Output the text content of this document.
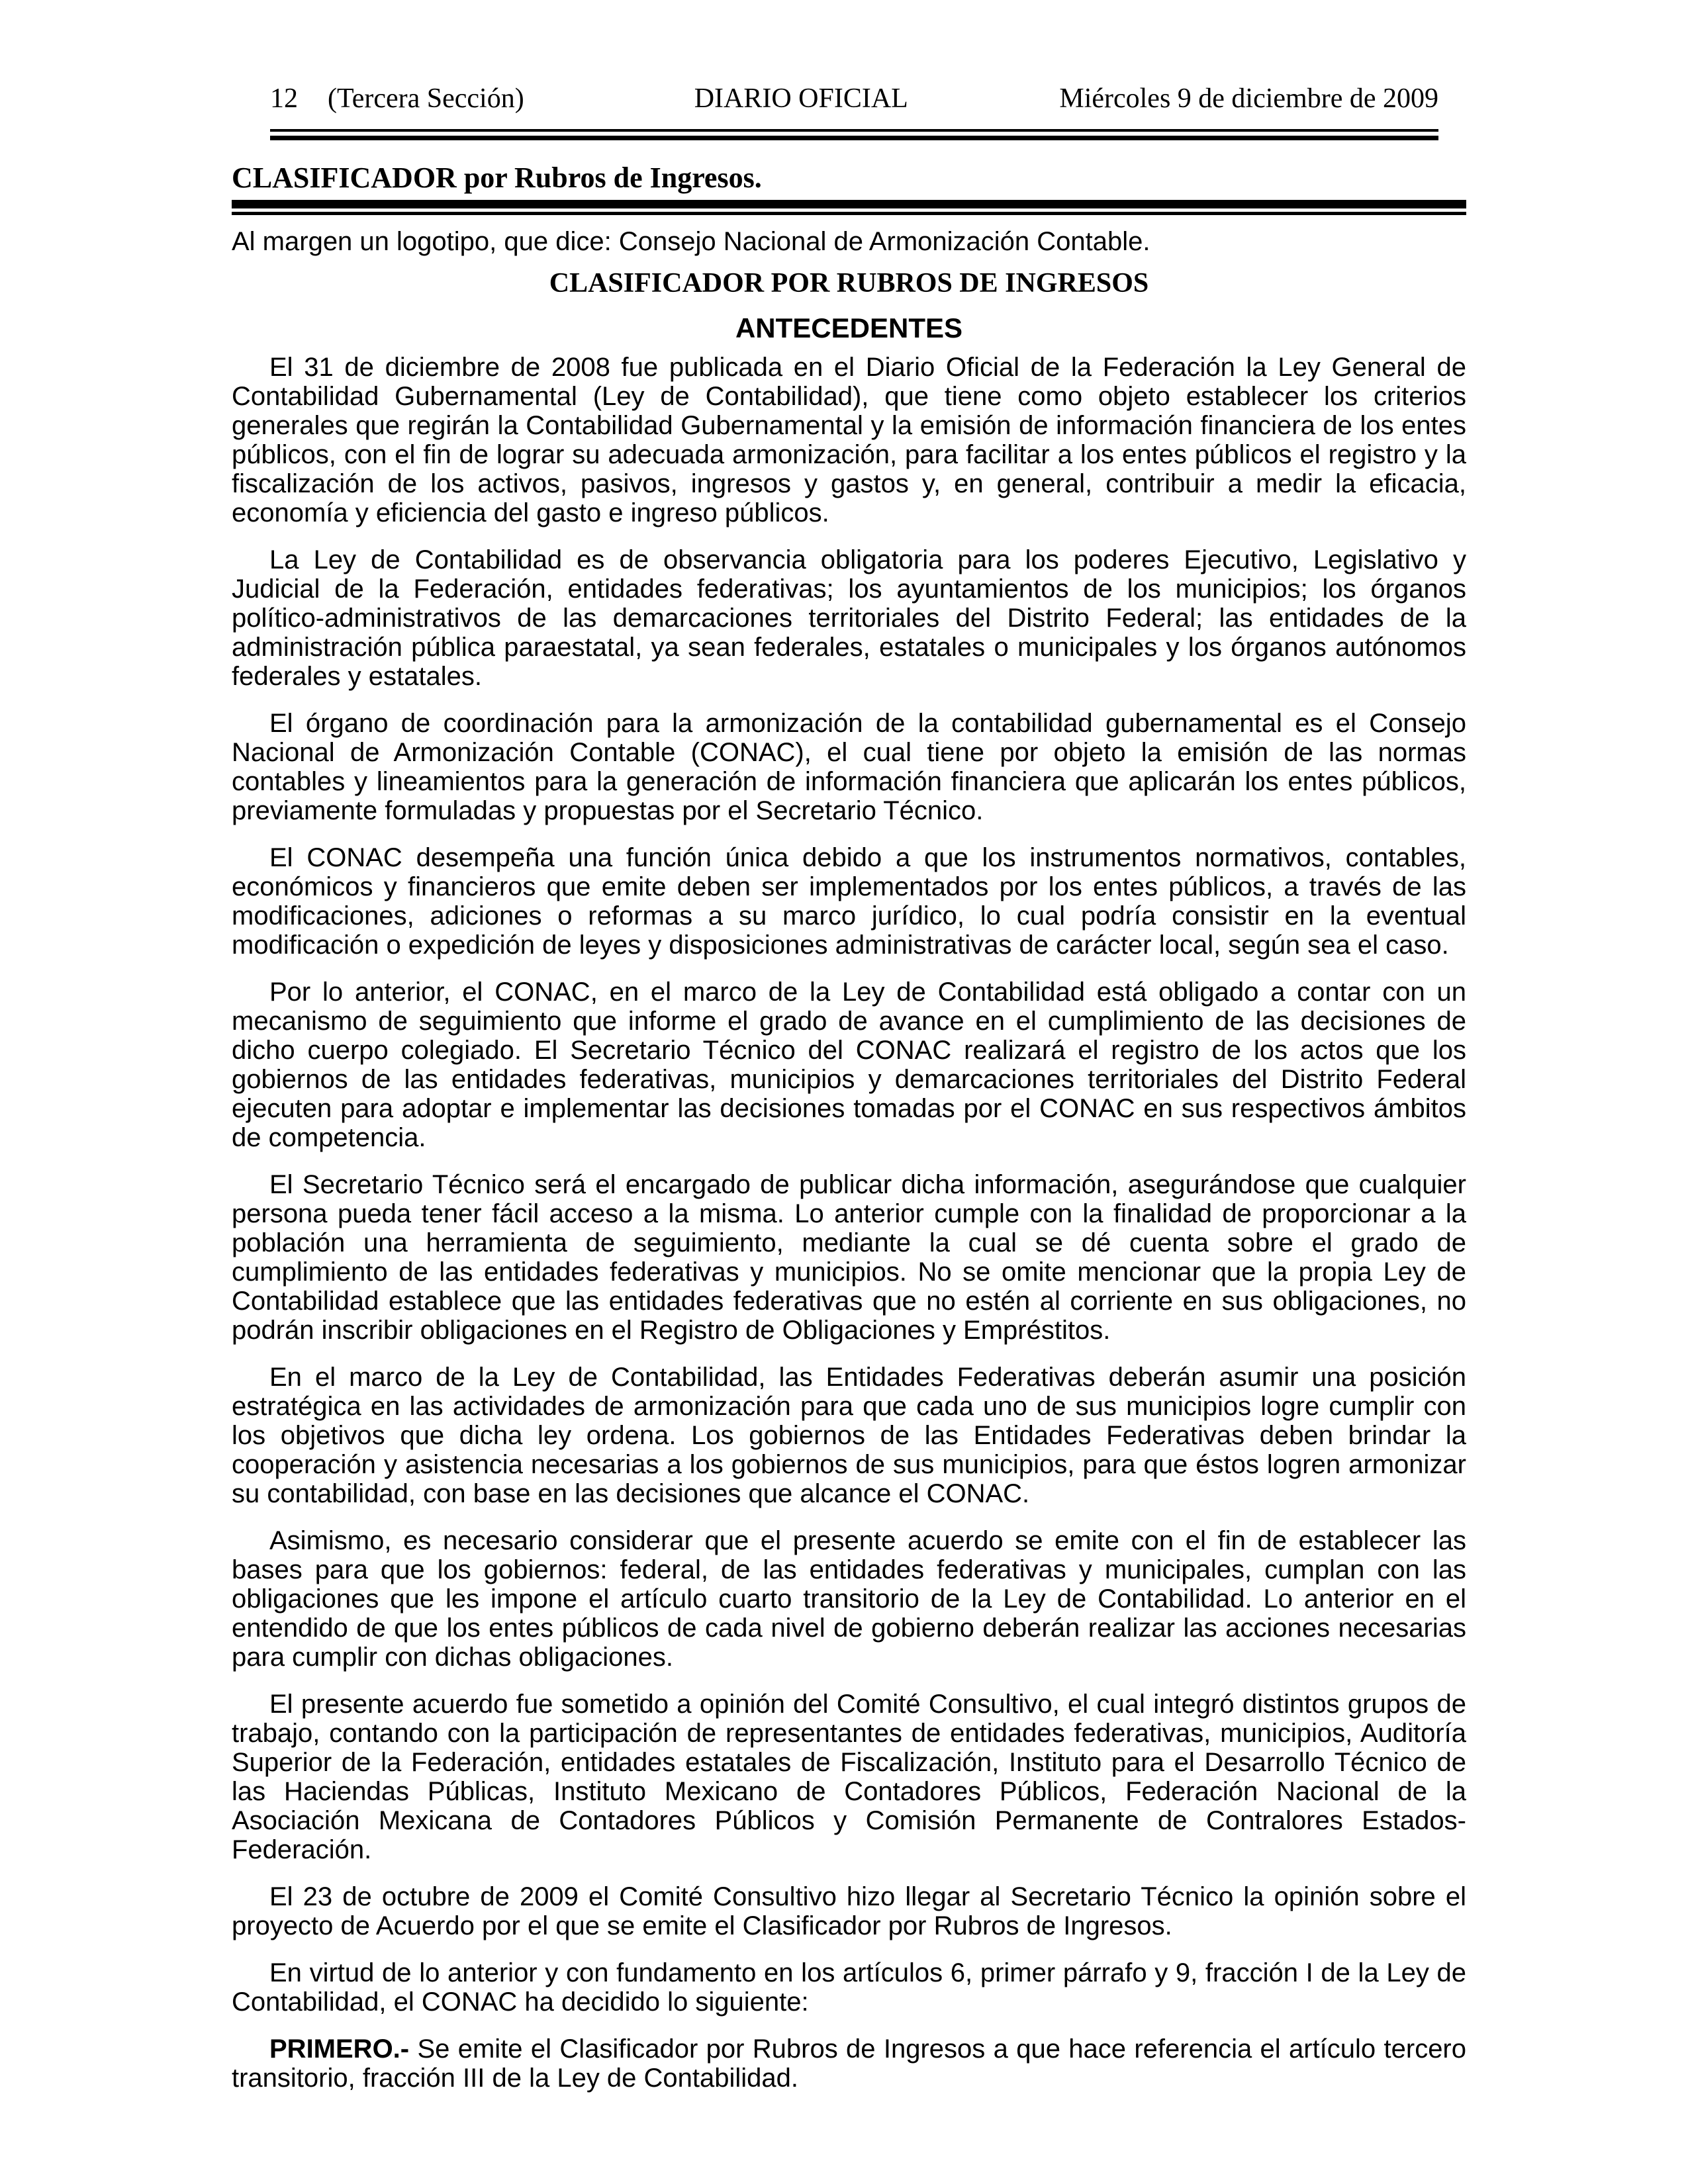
12 (Tercera Sección)	DIARIO OFICIAL	Miércoles 9 de diciembre de 2009
CLASIFICADOR por Rubros de Ingresos.
Al margen un logotipo, que dice: Consejo Nacional de Armonización Contable.
CLASIFICADOR POR RUBROS DE INGRESOS
ANTECEDENTES

El 31 de diciembre de 2008 fue publicada en el Diario Oficial de la Federación la Ley General de Contabilidad Gubernamental (Ley de Contabilidad), que tiene como objeto establecer los criterios generales que regirán la Contabilidad Gubernamental y la emisión de información financiera de los entes públicos, con el fin de lograr su adecuada armonización, para facilitar a los entes públicos el registro y la fiscalización de los activos, pasivos, ingresos y gastos y, en general, contribuir a medir la eficacia, economía y eficiencia del gasto e ingreso públicos.

La Ley de Contabilidad es de observancia obligatoria para los poderes Ejecutivo, Legislativo y Judicial de la Federación, entidades federativas; los ayuntamientos de los municipios; los órganos político-administrativos de las demarcaciones territoriales del Distrito Federal; las entidades de la administración pública paraestatal, ya sean federales, estatales o municipales y los órganos autónomos federales y estatales.

El órgano de coordinación para la armonización de la contabilidad gubernamental es el Consejo Nacional de Armonización Contable (CONAC), el cual tiene por objeto la emisión de las normas contables y lineamientos para la generación de información financiera que aplicarán los entes públicos, previamente formuladas y propuestas por el Secretario Técnico.

El CONAC desempeña una función única debido a que los instrumentos normativos, contables, económicos y financieros que emite deben ser implementados por los entes públicos, a través de las modificaciones, adiciones o reformas a su marco jurídico, lo cual podría consistir en la eventual modificación o expedición de leyes y disposiciones administrativas de carácter local, según sea el caso.

Por lo anterior, el CONAC, en el marco de la Ley de Contabilidad está obligado a contar con un mecanismo de seguimiento que informe el grado de avance en el cumplimiento de las decisiones de dicho cuerpo colegiado. El Secretario Técnico del CONAC realizará el registro de los actos que los gobiernos de las entidades federativas, municipios y demarcaciones territoriales del Distrito Federal ejecuten para adoptar e implementar las decisiones tomadas por el CONAC en sus respectivos ámbitos de competencia.

El Secretario Técnico será el encargado de publicar dicha información, asegurándose que cualquier persona pueda tener fácil acceso a la misma. Lo anterior cumple con la finalidad de proporcionar a la población una herramienta de seguimiento, mediante la cual se dé cuenta sobre el grado de cumplimiento de las entidades federativas y municipios. No se omite mencionar que la propia Ley de Contabilidad establece que las entidades federativas que no estén al corriente en sus obligaciones, no podrán inscribir obligaciones en el Registro de Obligaciones y Empréstitos.

En el marco de la Ley de Contabilidad, las Entidades Federativas deberán asumir una posición estratégica en las actividades de armonización para que cada uno de sus municipios logre cumplir con los objetivos que dicha ley ordena. Los gobiernos de las Entidades Federativas deben brindar la cooperación y asistencia necesarias a los gobiernos de sus municipios, para que éstos logren armonizar su contabilidad, con base en las decisiones que alcance el CONAC.

Asimismo, es necesario considerar que el presente acuerdo se emite con el fin de establecer las bases para que los gobiernos: federal, de las entidades federativas y municipales, cumplan con las obligaciones que les impone el artículo cuarto transitorio de la Ley de Contabilidad. Lo anterior en el entendido de que los entes públicos de cada nivel de gobierno deberán realizar las acciones necesarias para cumplir con dichas obligaciones.

El presente acuerdo fue sometido a opinión del Comité Consultivo, el cual integró distintos grupos de trabajo, contando con la participación de representantes de entidades federativas, municipios, Auditoría Superior de la Federación, entidades estatales de Fiscalización, Instituto para el Desarrollo Técnico de las Haciendas Públicas, Instituto Mexicano de Contadores Públicos, Federación Nacional de la Asociación Mexicana de Contadores Públicos y Comisión Permanente de Contralores Estados-Federación.

El 23 de octubre de 2009 el Comité Consultivo hizo llegar al Secretario Técnico la opinión sobre el proyecto de Acuerdo por el que se emite el Clasificador por Rubros de Ingresos.

En virtud de lo anterior y con fundamento en los artículos 6, primer párrafo y 9, fracción I de la Ley de Contabilidad, el CONAC ha decidido lo siguiente:

PRIMERO.- Se emite el Clasificador por Rubros de Ingresos a que hace referencia el artículo tercero transitorio, fracción III de la Ley de Contabilidad.
